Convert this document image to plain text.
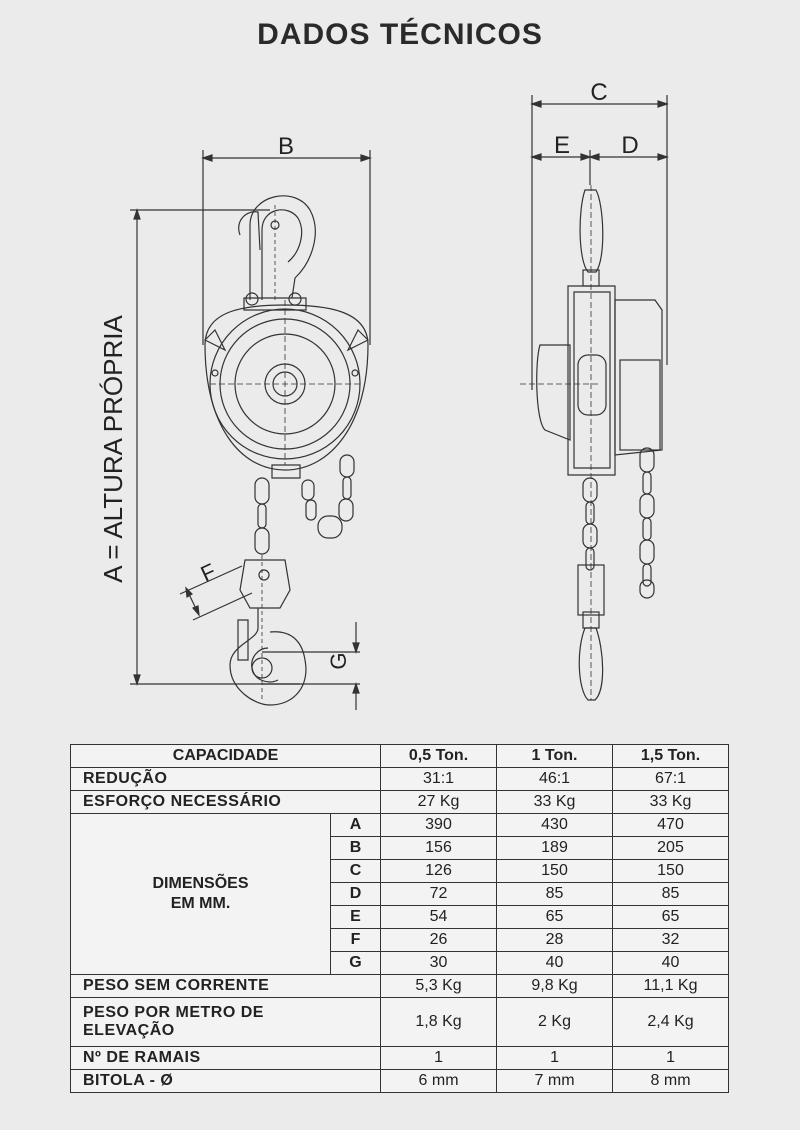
DADOS TÉCNICOS
B
C
E D
F
G
A = ALTURA PRÓPRIA
CAPACIDADE		0,5 Ton.	1 Ton.	1,5 Ton.
REDUÇÃO		31:1	46:1	67:1
ESFORÇO NECESSÁRIO		27 Kg	33 Kg	33 Kg
DIMENSÕES
EM MM.	A	390	430	470
	B	156	189	205
	C	126	150	150
	D	72	85	85
	E	54	65	65
	F	26	28	32
	G	30	40	40
PESO SEM CORRENTE		5,3 Kg	9,8 Kg	11,1 Kg
PESO POR METRO DE
ELEVAÇÃO		1,8 Kg	2 Kg	2,4 Kg
Nº DE RAMAIS		1	1	1
BITOLA - Ø		6 mm	7 mm	8 mm
